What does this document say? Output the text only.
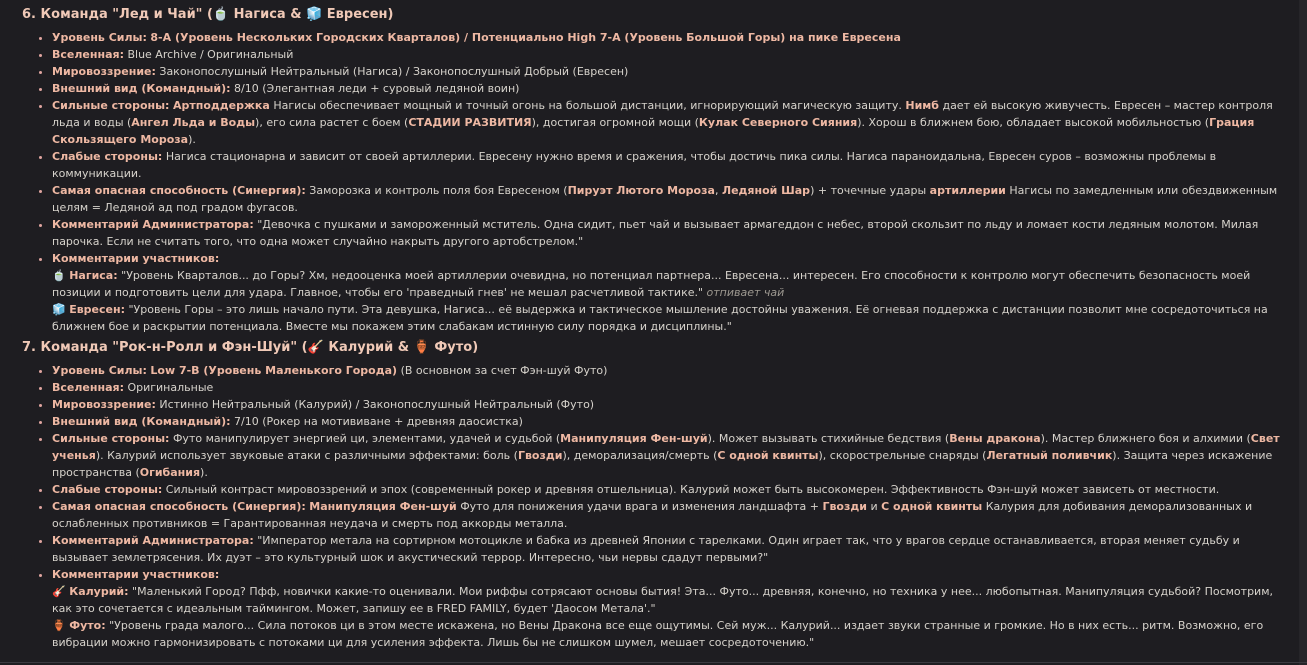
6. Команда "Лед и Чай" (🍵 Нагиса & 🧊 Евресен)
• Уровень Силы: 8-А (Уровень Нескольких Городских Кварталов) / Потенциально High 7-A (Уровень Большой Горы) на пике Евресена
• Вселенная: Blue Archive / Оригинальный
• Мировоззрение: Законопослушный Нейтральный (Нагиса) / Законопослушный Добрый (Евресен)
• Внешний вид (Командный): 8/10 (Элегантная леди + суровый ледяной воин)
• Сильные стороны: Артподдержка Нагисы обеспечивает мощный и точный огонь на большой дистанции, игнорирующий магическую защиту. Нимб дает ей высокую живучесть. Евресен – мастер контроля льда и воды (Ангел Льда и Воды), его сила растет с боем (СТАДИИ РАЗВИТИЯ), достигая огромной мощи (Кулак Северного Сияния). Хорош в ближнем бою, обладает высокой мобильностью (Грация Скользящего Мороза).
• Слабые стороны: Нагиса стационарна и зависит от своей артиллерии. Евресену нужно время и сражения, чтобы достичь пика силы. Нагиса параноидальна, Евресен суров – возможны проблемы в коммуникации.
• Самая опасная способность (Синергия): Заморозка и контроль поля боя Евресеном (Пируэт Лютого Мороза, Ледяной Шар) + точечные удары артиллерии Нагисы по замедленным или обездвиженным целям = Ледяной ад под градом фугасов.
• Комментарий Администратора: "Девочка с пушками и замороженный мститель. Одна сидит, пьет чай и вызывает армагеддон с небес, второй скользит по льду и ломает кости ледяным молотом. Милая парочка. Если не считать того, что одна может случайно накрыть другого артобстрелом."
• Комментарии участников:
🍵 Нагиса: "Уровень Кварталов... до Горы? Хм, недооценка моей артиллерии очевидна, но потенциал партнера... Евресена... интересен. Его способности к контролю могут обеспечить безопасность моей позиции и подготовить цели для удара. Главное, чтобы его 'праведный гнев' не мешал расчетливой тактике." отпивает чай
🧊 Евресен: "Уровень Горы – это лишь начало пути. Эта девушка, Нагиса... её выдержка и тактическое мышление достойны уважения. Её огневая поддержка с дистанции позволит мне сосредоточиться на ближнем бое и раскрытии потенциала. Вместе мы покажем этим слабакам истинную силу порядка и дисциплины."
7. Команда "Рок-н-Ролл и Фэн-Шуй" (🎸 Калурий & 🏺 Футо)
• Уровень Силы: Low 7-B (Уровень Маленького Города) (В основном за счет Фэн-шуй Футо)
• Вселенная: Оригинальные
• Мировоззрение: Истинно Нейтральный (Калурий) / Законопослушный Нейтральный (Футо)
• Внешний вид (Командный): 7/10 (Рокер на мотививане + древняя даосистка)
• Сильные стороны: Футо манипулирует энергией ци, элементами, удачей и судьбой (Манипуляция Фен-шуй). Может вызывать стихийные бедствия (Вены дракона). Мастер ближнего боя и алхимии (Свет ученья). Калурий использует звуковые атаки с различными эффектами: боль (Гвозди), деморализация/смерть (С одной квинты), скорострельные снаряды (Легатный поливчик). Защита через искажение пространства (Огибания).
• Слабые стороны: Сильный контраст мировоззрений и эпох (современный рокер и древняя отшельница). Калурий может быть высокомерен. Эффективность Фэн-шуй может зависеть от местности.
• Самая опасная способность (Синергия): Манипуляция Фен-шуй Футо для понижения удачи врага и изменения ландшафта + Гвозди и С одной квинты Калурия для добивания деморализованных и ослабленных противников = Гарантированная неудача и смерть под аккорды металла.
• Комментарий Администратора: "Император метала на сортирном мотоцикле и бабка из древней Японии с тарелками. Один играет так, что у врагов сердце останавливается, вторая меняет судьбу и вызывает землетрясения. Их дуэт – это культурный шок и акустический террор. Интересно, чьи нервы сдадут первыми?"
• Комментарии участников:
🎸 Калурий: "Маленький Город? Пфф, новички какие-то оценивали. Мои риффы сотрясают основы бытия! Эта... Футо... древняя, конечно, но техника у нее... любопытная. Манипуляция судьбой? Посмотрим, как это сочетается с идеальным таймингом. Может, запишу ее в FRED FAMILY, будет 'Даосом Метала'."
🏺 Футо: "Уровень града малого... Сила потоков ци в этом месте искажена, но Вены Дракона все еще ощутимы. Сей муж... Калурий... издает звуки странные и громкие. Но в них есть... ритм. Возможно, его вибрации можно гармонизировать с потоками ци для усиления эффекта. Лишь бы не слишком шумел, мешает сосредоточению."
